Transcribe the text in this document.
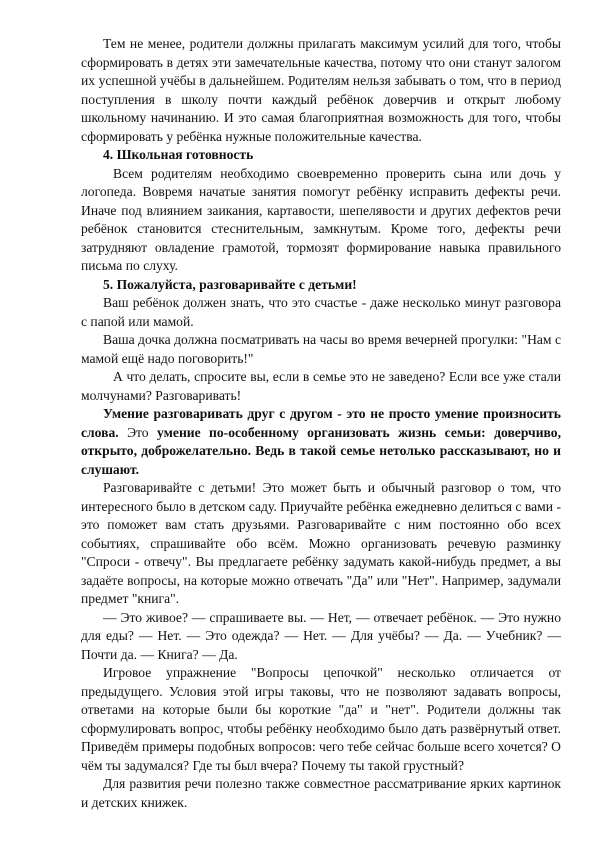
Тем не менее, родители должны прилагать максимум усилий для того, чтобы сформировать в детях эти замечательные качества, потому что они станут залогом их успешной учёбы в дальнейшем. Родителям нельзя забывать о том, что в период поступления в школу почти каждый ребёнок доверчив и открыт любому школьному начинанию. И это самая благоприятная возможность для того, чтобы сформировать у ребёнка нужные положительные качества.

4. Школьная готовность

Всем родителям необходимо своевременно проверить сына или дочь у логопеда. Вовремя начатые занятия помогут ребёнку исправить дефекты речи. Иначе под влиянием заикания, картавости, шепелявости и других дефектов речи ребёнок становится стеснительным, замкнутым. Кроме того, дефекты речи затрудняют овладение грамотой, тормозят формирование навыка правильного письма по слуху.

5. Пожалуйста, разговаривайте с детьми!

Ваш ребёнок должен знать, что это счастье - даже несколько минут разговора с папой или мамой.

Ваша дочка должна посматривать на часы во время вечерней прогулки: "Нам с мамой ещё надо поговорить!"

А что делать, спросите вы, если в семье это не заведено? Если все уже стали молчунами? Разговаривать!

Умение разговаривать друг с другом - это не просто умение произносить слова. Это умение по-особенному организовать жизнь семьи: доверчиво, открыто, доброжелательно. Ведь в такой семье нетолько рассказывают, но и слушают.

Разговаривайте с детьми! Это может быть и обычный разговор о том, что интересного было в детском саду. Приучайте ребёнка ежедневно делиться с вами - это поможет вам стать друзьями. Разговаривайте с ним постоянно обо всех событиях, спрашивайте обо всём. Можно организовать речевую разминку "Спроси - отвечу". Вы предлагаете ребёнку задумать какой-нибудь предмет, а вы задаёте вопросы, на которые можно отвечать "Да" или "Нет". Например, задумали предмет "книга".

— Это живое? — спрашиваете вы. — Нет, — отвечает ребёнок. — Это нужно для еды? — Нет. — Это одежда? — Нет. — Для учёбы? — Да. — Учебник? — Почти да. — Книга? — Да.

Игровое упражнение "Вопросы цепочкой" несколько отличается от предыдущего. Условия этой игры таковы, что не позволяют задавать вопросы, ответами на которые были бы короткие "да" и "нет". Родители должны так сформулировать вопрос, чтобы ребёнку необходимо было дать развёрнутый ответ. Приведём примеры подобных вопросов: чего тебе сейчас больше всего хочется? О чём ты задумался? Где ты был вчера? Почему ты такой грустный?

Для развития речи полезно также совместное рассматривание ярких картинок и детских книжек.
